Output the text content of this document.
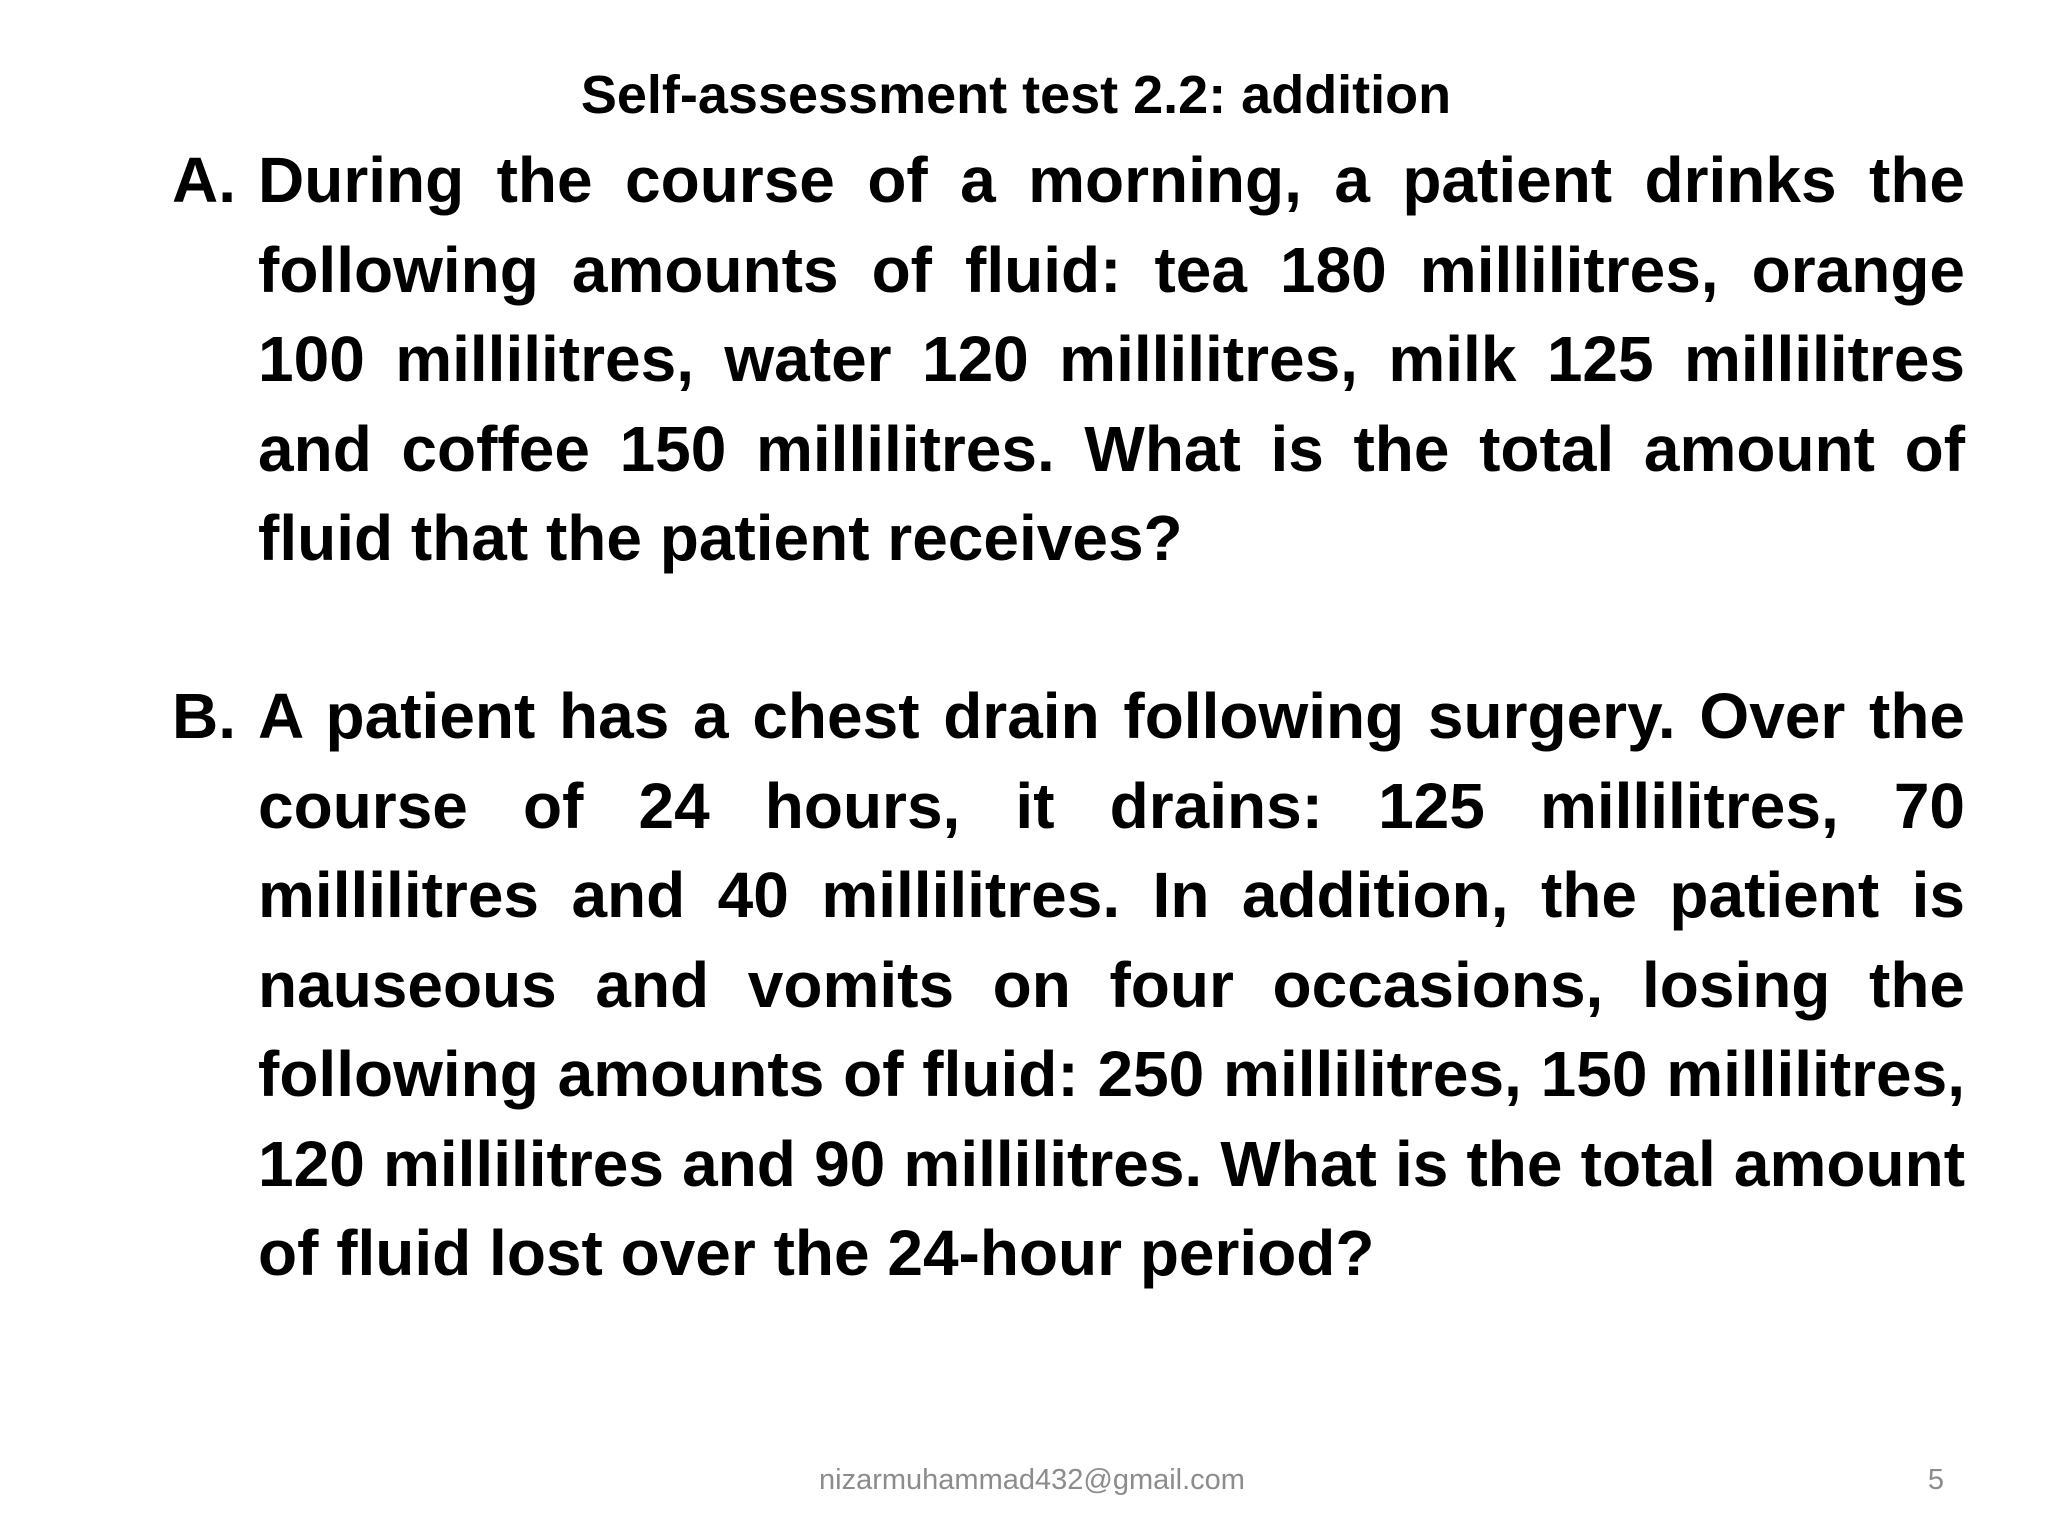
Self-assessment test 2.2: addition
A. During the course of a morning, a patient drinks the following amounts of fluid: tea 180 millilitres, orange 100 millilitres, water 120 millilitres, milk 125 millilitres and coffee 150 millilitres. What is the total amount of fluid that the patient receives?
B. A patient has a chest drain following surgery. Over the course of 24 hours, it drains: 125 millilitres, 70 millilitres and 40 millilitres. In addition, the patient is nauseous and vomits on four occasions, losing the following amounts of fluid: 250 millilitres, 150 millilitres, 120 millilitres and 90 millilitres. What is the total amount of fluid lost over the 24-hour period?
nizarmuhammad432@gmail.com	5
